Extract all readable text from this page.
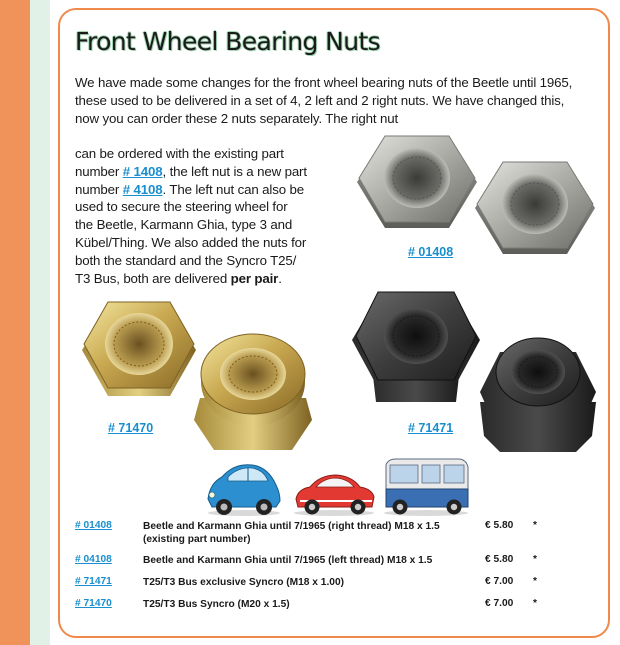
Front Wheel Bearing Nuts

We have made some changes for the front wheel bearing nuts of the Beetle until 1965, these used to be delivered in a set of 4, 2 left and 2 right nuts. We have changed this, now you can order these 2 nuts separately. The right nut

can be ordered with the existing part

number # 1408, the left nut is a new part

number # 4108. The left nut can also be

used to secure the steering wheel for

the Beetle, Karmann Ghia, type 3 and

Kübel/Thing. We also added the nuts for

both the standard and the Syncro T25/

T3 Bus, both are delivered per pair.

# 01408
# 71470	# 71471
# 01408	Beetle and Karmann Ghia until 7/1965 (right thread) M18 x 1.5
(existing part number)	€ 5.80	*
# 04108	Beetle and Karmann Ghia until 7/1965 (left thread) M18 x 1.5	€ 5.80	*
# 71471	T25/T3 Bus exclusive Syncro (M18 x 1.00)	€ 7.00	*
# 71470	T25/T3 Bus Syncro (M20 x 1.5)	€ 7.00	*
